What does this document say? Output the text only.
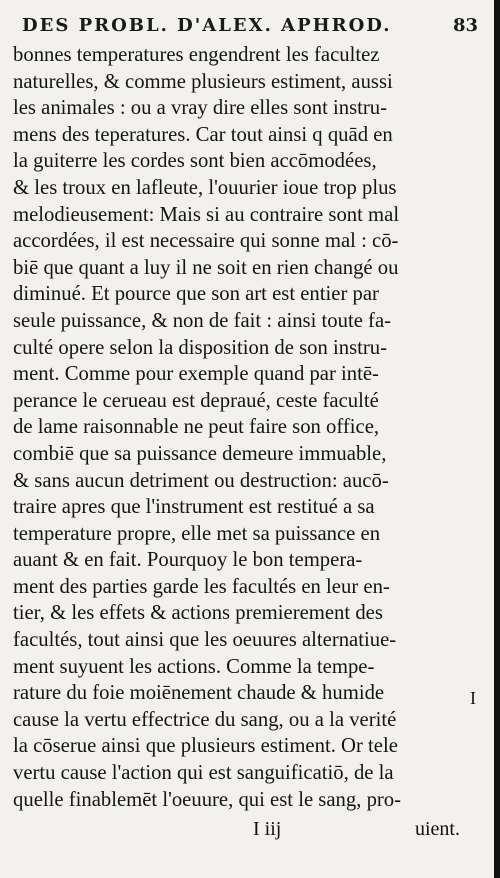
DES PROBL. D'ALEX. APHROD.	83
bonnes temperatures engendrent les facultez
naturelles, & comme plusieurs estiment, aussi
les animales : ou a vray dire elles sont instru-
mens des teperatures. Car tout ainsi q quād en
la guiterre les cordes sont bien accōmodées,
& les troux en lafleute, l'ouurier ioue trop plus
melodieusement: Mais si au contraire sont mal
accordées, il est necessaire qui sonne mal : cō-
biē que quant a luy il ne soit en rien changé ou
diminué. Et pource que son art est entier par
seule puissance, & non de fait : ainsi toute fa-
culté opere selon la disposition de son instru-
ment. Comme pour exemple quand par intē-
perance le cerueau est depraué, ceste faculté
de lame raisonnable ne peut faire son office,
combiē que sa puissance demeure immuable,
& sans aucun detriment ou destruction: aucō-
traire apres que l'instrument est restitué a sa
temperature propre, elle met sa puissance en
auant & en fait. Pourquoy le bon tempera-
ment des parties garde les facultés en leur en-
tier, & les effets & actions premierement des
facultés, tout ainsi que les oeuures alternatiue-
ment suyuent les actions. Comme la tempe-
rature du foie moiēnement chaude & humide
cause la vertu effectrice du sang, ou a la verité
la cōserue ainsi que plusieurs estiment. Or tele
vertu cause l'action qui est sanguificatiō, de la
quelle finablemēt l'oeuure, qui est le sang, pro-
I
I iij	uient.
